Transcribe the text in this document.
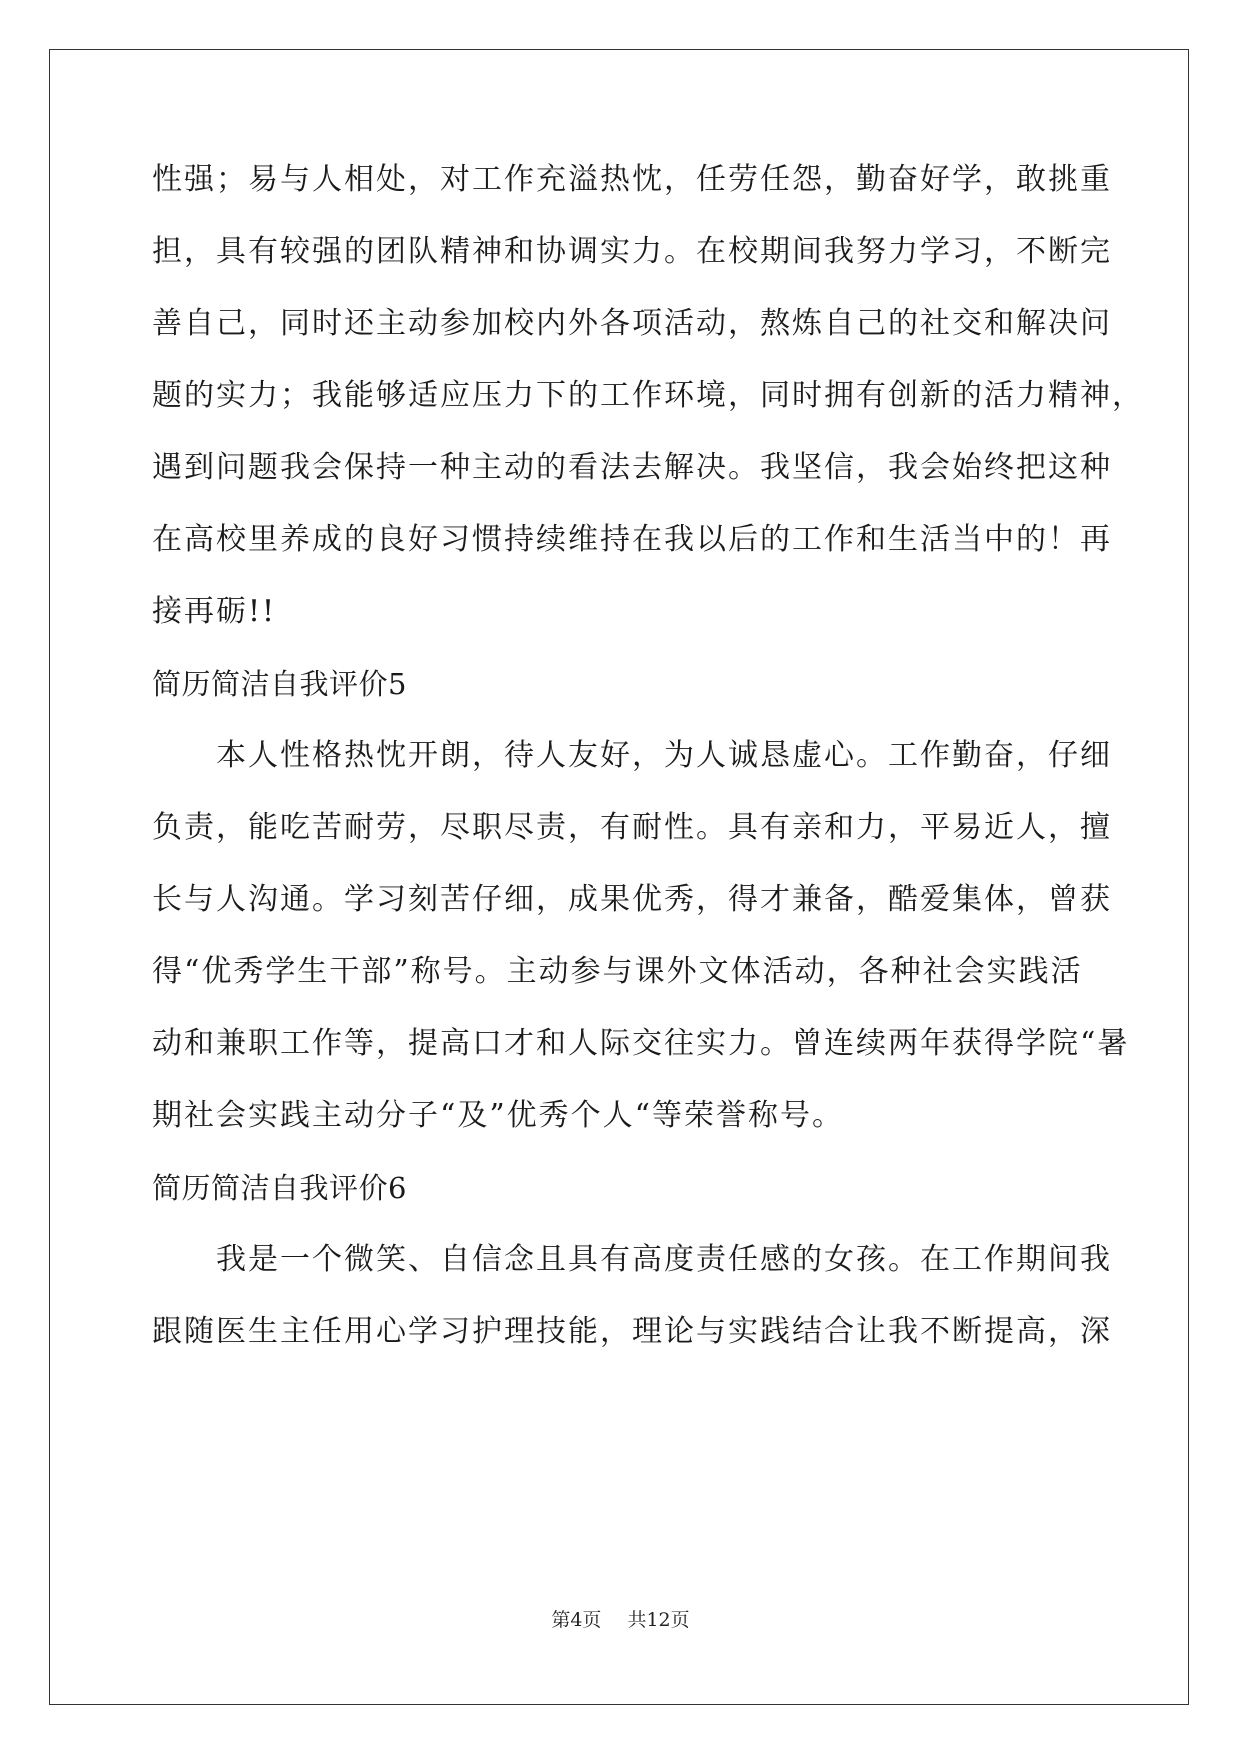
性强；易与人相处，对工作充溢热忱，任劳任怨，勤奋好学，敢挑重
担，具有较强的团队精神和协调实力。在校期间我努力学习，不断完
善自己，同时还主动参加校内外各项活动，熬炼自己的社交和解决问
题的实力；我能够适应压力下的工作环境，同时拥有创新的活力精神，
遇到问题我会保持一种主动的看法去解决。我坚信，我会始终把这种
在高校里养成的良好习惯持续维持在我以后的工作和生活当中的！再
接再砺!!
简历简洁自我评价5
　　本人性格热忱开朗，待人友好，为人诚恳虚心。工作勤奋，仔细
负责，能吃苦耐劳，尽职尽责，有耐性。具有亲和力，平易近人，擅
长与人沟通。学习刻苦仔细，成果优秀，得才兼备，酷爱集体，曾获
得“优秀学生干部”称号。主动参与课外文体活动，各种社会实践活
动和兼职工作等，提高口才和人际交往实力。曾连续两年获得学院“暑
期社会实践主动分子“及”优秀个人“等荣誉称号。
简历简洁自我评价6
　　我是一个微笑、自信念且具有高度责任感的女孩。在工作期间我
跟随医生主任用心学习护理技能，理论与实践结合让我不断提高，深
第4页 共12页
